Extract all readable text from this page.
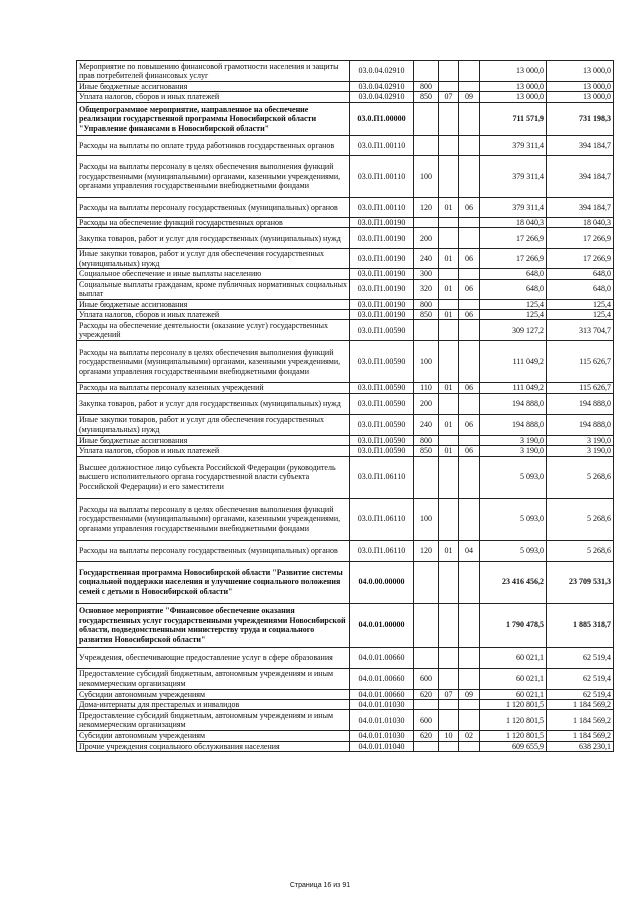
Мероприятие по повышению финансовой грамотности населения и защиты прав потребителей финансовых услуг	03.0.04.02910				13 000,0	13 000,0
Иные бюджетные ассигнования	03.0.04.02910	800			13 000,0	13 000,0
Уплата налогов, сборов и иных платежей	03.0.04.02910	850	07	09	13 000,0	13 000,0
Общепрограммное мероприятие, направленное на обеспечение реализации государственной программы Новосибирской области "Управление финансами в Новосибирской области"	03.0.П1.00000				711 571,9	731 198,3
Расходы на выплаты по оплате труда работников государственных органов	03.0.П1.00110				379 311,4	394 184,7
Расходы на выплаты персоналу в целях обеспечения выполнения функций государственными (муниципальными) органами, казенными учреждениями, органами управления государственными внебюджетными фондами	03.0.П1.00110	100			379 311,4	394 184,7
Расходы на выплаты персоналу государственных (муниципальных) органов	03.0.П1.00110	120	01	06	379 311,4	394 184,7
Расходы на обеспечение функций государственных органов	03.0.П1.00190				18 040,3	18 040,3
Закупка товаров, работ и услуг для государственных (муниципальных) нужд	03.0.П1.00190	200			17 266,9	17 266,9
Иные закупки товаров, работ и услуг для обеспечения государственных (муниципальных) нужд	03.0.П1.00190	240	01	06	17 266,9	17 266,9
Социальное обеспечение и иные выплаты населению	03.0.П1.00190	300			648,0	648,0
Социальные выплаты гражданам, кроме публичных нормативных социальных выплат	03.0.П1.00190	320	01	06	648,0	648,0
Иные бюджетные ассигнования	03.0.П1.00190	800			125,4	125,4
Уплата налогов, сборов и иных платежей	03.0.П1.00190	850	01	06	125,4	125,4
Расходы на обеспечение деятельности (оказание услуг) государственных учреждений	03.0.П1.00590				309 127,2	313 704,7
Расходы на выплаты персоналу в целях обеспечения выполнения функций государственными (муниципальными) органами, казенными учреждениями, органами управления государственными внебюджетными фондами	03.0.П1.00590	100			111 049,2	115 626,7
Расходы на выплаты персоналу казенных учреждений	03.0.П1.00590	110	01	06	111 049,2	115 626,7
Закупка товаров, работ и услуг для государственных (муниципальных) нужд	03.0.П1.00590	200			194 888,0	194 888,0
Иные закупки товаров, работ и услуг для обеспечения государственных (муниципальных) нужд	03.0.П1.00590	240	01	06	194 888,0	194 888,0
Иные бюджетные ассигнования	03.0.П1.00590	800			3 190,0	3 190,0
Уплата налогов, сборов и иных платежей	03.0.П1.00590	850	01	06	3 190,0	3 190,0
Высшее должностное лицо субъекта Российской Федерации (руководитель высшего исполнительного органа государственной власти субъекта Российской Федерации) и его заместители	03.0.П1.06110				5 093,0	5 268,6
Расходы на выплаты персоналу в целях обеспечения выполнения функций государственными (муниципальными) органами, казенными учреждениями, органами управления государственными внебюджетными фондами	03.0.П1.06110	100			5 093,0	5 268,6
Расходы на выплаты персоналу государственных (муниципальных) органов	03.0.П1.06110	120	01	04	5 093,0	5 268,6
Государственная программа Новосибирской области "Развитие системы социальной поддержки населения и улучшение социального положения семей с детьми в Новосибирской области"	04.0.00.00000				23 416 456,2	23 709 531,3
Основное мероприятие "Финансовое обеспечение оказания государственных услуг государственными учреждениями Новосибирской области, подведомственными министерству труда и социального развития Новосибирской области"	04.0.01.00000				1 790 478,5	1 885 318,7
Учреждения, обеспечивающие предоставление услуг в сфере образования	04.0.01.00660				60 021,1	62 519,4
Предоставление субсидий бюджетным, автономным учреждениям и иным некоммерческим организациям	04.0.01.00660	600			60 021,1	62 519,4
Субсидии автономным учреждениям	04.0.01.00660	620	07	09	60 021,1	62 519,4
Дома-интернаты для престарелых и инвалидов	04.0.01.01030				1 120 801,5	1 184 569,2
Предоставление субсидий бюджетным, автономным учреждениям и иным некоммерческим организациям	04.0.01.01030	600			1 120 801,5	1 184 569,2
Субсидии автономным учреждениям	04.0.01.01030	620	10	02	1 120 801,5	1 184 569,2
Прочие учреждения социального обслуживания населения	04.0.01.01040				609 655,9	638 230,1
Страница 16 из 91
